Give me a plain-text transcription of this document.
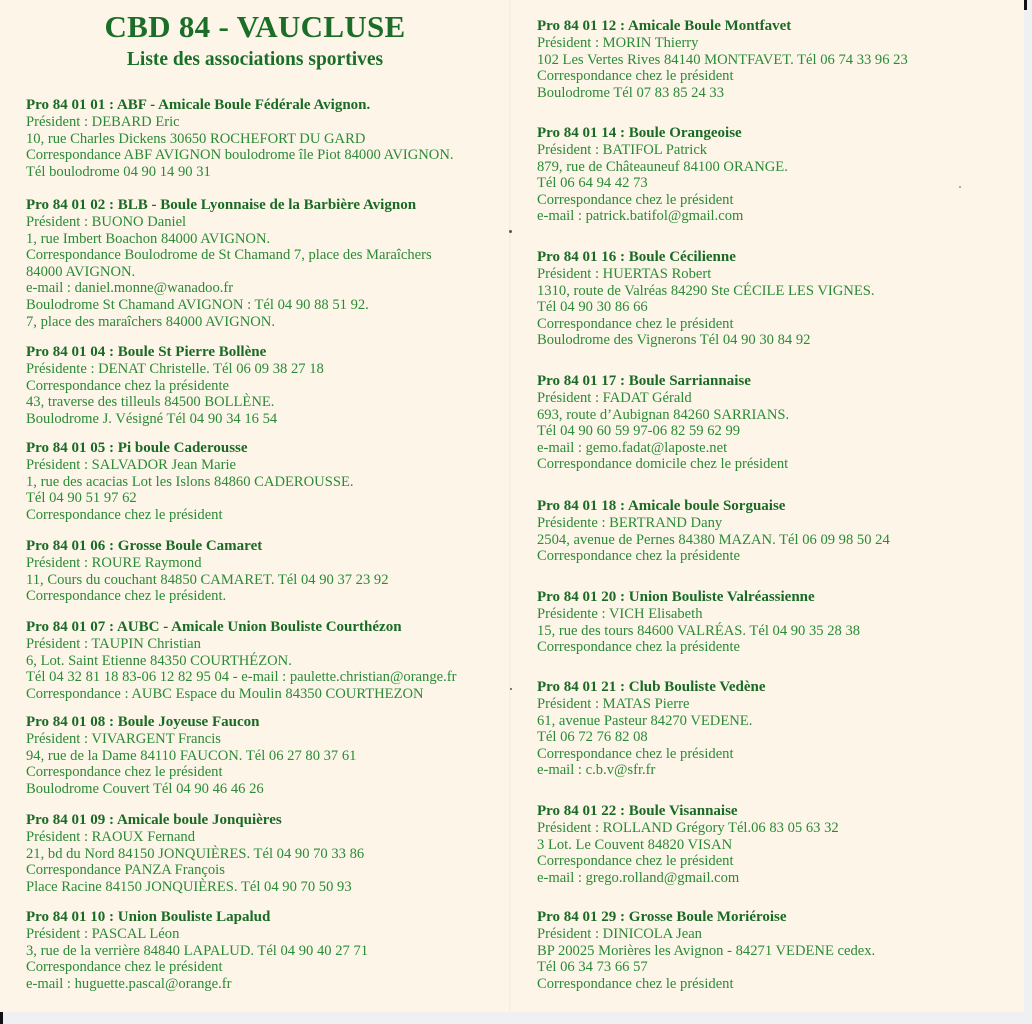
CBD 84 - VAUCLUSE
Liste des associations sportives
Pro 84 01 01 : ABF - Amicale Boule Fédérale Avignon.
Président : DEBARD Eric
10, rue Charles Dickens 30650 ROCHEFORT DU GARD
Correspondance ABF AVIGNON boulodrome île Piot 84000 AVIGNON.
Tél boulodrome 04 90 14 90 31
Pro 84 01 02 : BLB - Boule Lyonnaise de la Barbière Avignon
Président : BUONO Daniel
1, rue Imbert Boachon 84000 AVIGNON.
Correspondance Boulodrome de St Chamand 7, place des Maraîchers
84000 AVIGNON.
e-mail : daniel.monne@wanadoo.fr
Boulodrome St Chamand AVIGNON : Tél 04 90 88 51 92.
7, place des maraîchers 84000 AVIGNON.
Pro 84 01 04 : Boule St Pierre Bollène
Présidente : DENAT Christelle. Tél 06 09 38 27 18
Correspondance chez la présidente
43, traverse des tilleuls 84500 BOLLÈNE.
Boulodrome J. Vésigné Tél 04 90 34 16 54
Pro 84 01 05 : Pi boule Caderousse
Président : SALVADOR Jean Marie
1, rue des acacias Lot les Islons 84860 CADEROUSSE.
Tél 04 90 51 97 62
Correspondance chez le président
Pro 84 01 06 : Grosse Boule Camaret
Président : ROURE Raymond
11, Cours du couchant 84850 CAMARET. Tél 04 90 37 23 92
Correspondance chez le président.
Pro 84 01 07 : AUBC - Amicale Union Bouliste Courthézon
Président : TAUPIN Christian
6, Lot. Saint Etienne 84350 COURTHÉZON.
Tél 04 32 81 18 83-06 12 82 95 04 - e-mail : paulette.christian@orange.fr
Correspondance : AUBC Espace du Moulin 84350 COURTHEZON
Pro 84 01 08 : Boule Joyeuse Faucon
Président : VIVARGENT Francis
94, rue de la Dame 84110 FAUCON. Tél 06 27 80 37 61
Correspondance chez le président
Boulodrome Couvert Tél 04 90 46 46 26
Pro 84 01 09 : Amicale boule Jonquières
Président : RAOUX Fernand
21, bd du Nord 84150 JONQUIÈRES. Tél 04 90 70 33 86
Correspondance PANZA François
Place Racine 84150 JONQUIÈRES. Tél 04 90 70 50 93
Pro 84 01 10 : Union Bouliste Lapalud
Président : PASCAL Léon
3, rue de la verrière 84840 LAPALUD. Tél 04 90 40 27 71
Correspondance chez le président
e-mail : huguette.pascal@orange.fr
Pro 84 01 12 : Amicale Boule Montfavet
Président : MORIN Thierry
102 Les Vertes Rives 84140 MONTFAVET. Tél 06 74 33 96 23
Correspondance chez le président
Boulodrome Tél 07 83 85 24 33
Pro 84 01 14 : Boule Orangeoise
Président : BATIFOL Patrick
879, rue de Châteauneuf 84100 ORANGE.
Tél 06 64 94 42 73
Correspondance chez le président
e-mail : patrick.batifol@gmail.com
Pro 84 01 16 : Boule Cécilienne
Président : HUERTAS Robert
1310, route de Valréas 84290 Ste CÉCILE LES VIGNES.
Tél 04 90 30 86 66
Correspondance chez le président
Boulodrome des Vignerons Tél 04 90 30 84 92
Pro 84 01 17 : Boule Sarriannaise
Président : FADAT Gérald
693, route d’Aubignan 84260 SARRIANS.
Tél 04 90 60 59 97-06 82 59 62 99
e-mail : gemo.fadat@laposte.net
Correspondance domicile chez le président
Pro 84 01 18 : Amicale boule Sorguaise
Présidente : BERTRAND Dany
2504, avenue de Pernes 84380 MAZAN. Tél 06 09 98 50 24
Correspondance chez la présidente
Pro 84 01 20 : Union Bouliste Valréassienne
Présidente : VICH Elisabeth
15, rue des tours 84600 VALRÉAS. Tél 04 90 35 28 38
Correspondance chez la présidente
Pro 84 01 21 : Club Bouliste Vedène
Président : MATAS Pierre
61, avenue Pasteur 84270 VEDENE.
Tél 06 72 76 82 08
Correspondance chez le président
e-mail : c.b.v@sfr.fr
Pro 84 01 22 : Boule Visannaise
Président : ROLLAND Grégory Tél.06 83 05 63 32
3 Lot. Le Couvent 84820 VISAN
Correspondance chez le président
e-mail : grego.rolland@gmail.com
Pro 84 01 29 : Grosse Boule Moriéroise
Président : DINICOLA Jean
BP 20025 Morières les Avignon - 84271 VEDENE cedex.
Tél 06 34 73 66 57
Correspondance chez le président
